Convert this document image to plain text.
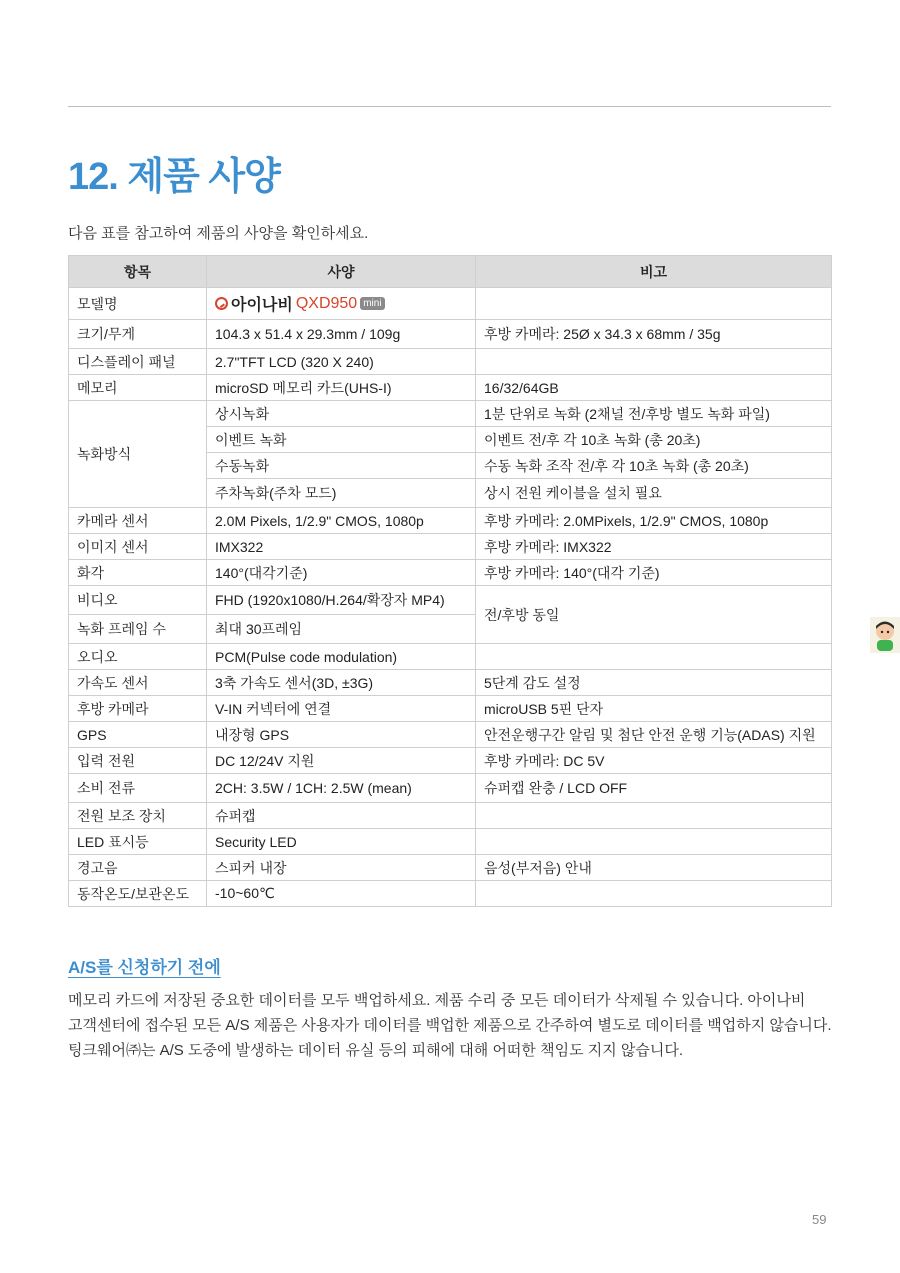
12. 제품 사양
다음 표를 참고하여 제품의 사양을 확인하세요.
항목	사양	비고
모델명	아이나비 QXD950 mini	

크기/무게	104.3 x 51.4 x 29.3mm / 109g	후방 카메라: 25Ø x 34.3 x 68mm / 35g
디스플레이 패널	2.7"TFT LCD (320 X 240)	
메모리	microSD 메모리 카드(UHS-I)	16/32/64GB
녹화방식	상시녹화	1분 단위로 녹화 (2채널 전/후방 별도 녹화 파일)
	이벤트 녹화	이벤트 전/후 각 10초 녹화 (총 20초)
	수동녹화	수동 녹화 조작 전/후 각 10초 녹화 (총 20초)
	주차녹화(주차 모드)	상시 전원 케이블을 설치 필요
카메라 센서	2.0M Pixels, 1/2.9" CMOS, 1080p	후방 카메라: 2.0MPixels, 1/2.9" CMOS, 1080p
이미지 센서	IMX322	후방 카메라: IMX322
화각	140°(대각기준)	후방 카메라: 140°(대각 기준)
비디오	FHD (1920x1080/H.264/확장자 MP4)	전/후방 동일
녹화 프레임 수	최대 30프레임	
오디오	PCM(Pulse code modulation)	
가속도 센서	3축 가속도 센서(3D, ±3G)	5단계 감도 설정
후방 카메라	V-IN 커넥터에 연결	microUSB 5핀 단자
GPS	내장형 GPS	안전운행구간 알림 및 첨단 안전 운행 기능(ADAS) 지원
입력 전원	DC 12/24V 지원	후방 카메라: DC 5V
소비 전류	2CH: 3.5W / 1CH: 2.5W (mean)	슈퍼캡 완충 / LCD OFF
전원 보조 장치	슈퍼캡	
LED 표시등	Security LED	
경고음	스피커 내장	음성(부저음) 안내
동작온도/보관온도	-10~60℃	
A/S를 신청하기 전에

메모리 카드에 저장된 중요한 데이터를 모두 백업하세요. 제품 수리 중 모든 데이터가 삭제될 수 있습니다. 아이나비

고객센터에 접수된 모든 A/S 제품은 사용자가 데이터를 백업한 제품으로 간주하여 별도로 데이터를 백업하지 않습니다.

팅크웨어㈜는 A/S 도중에 발생하는 데이터 유실 등의 피해에 대해 어떠한 책임도 지지 않습니다.

59
